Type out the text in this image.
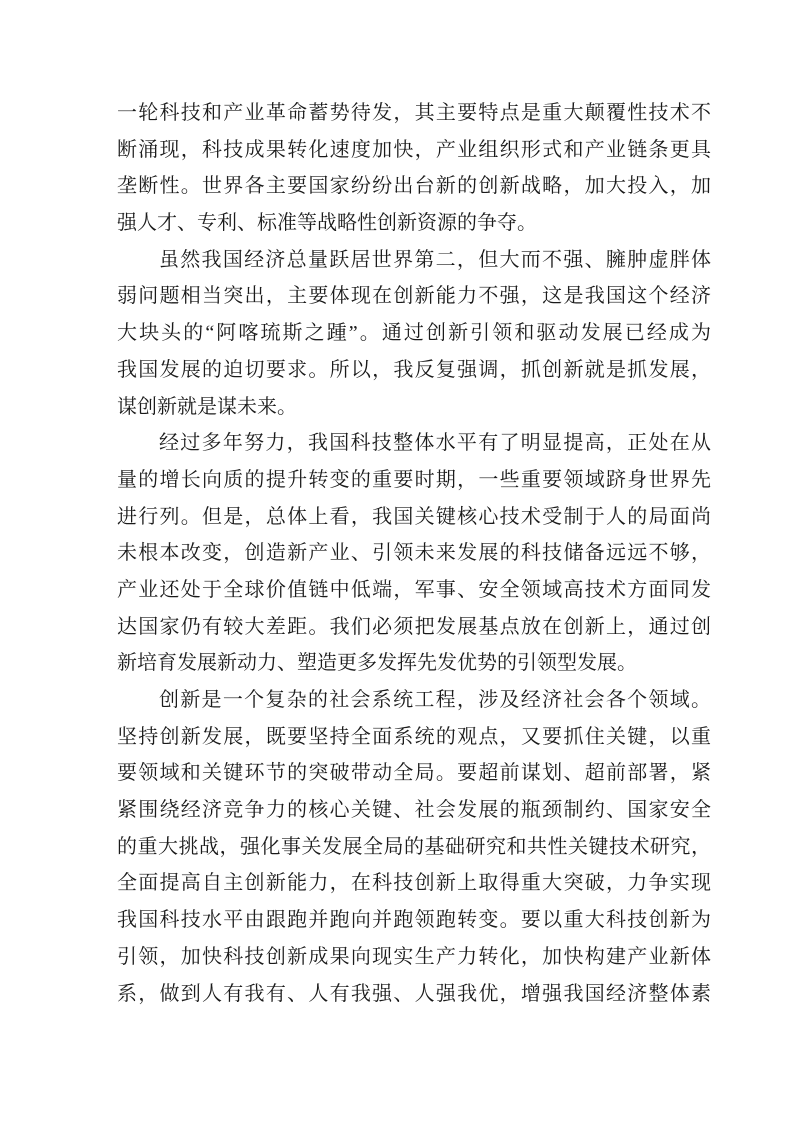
一轮科技和产业革命蓄势待发，其主要特点是重大颠覆性技术不
断涌现，科技成果转化速度加快，产业组织形式和产业链条更具
垄断性。世界各主要国家纷纷出台新的创新战略，加大投入，加
强人才、专利、标准等战略性创新资源的争夺。
虽然我国经济总量跃居世界第二，但大而不强、臃肿虚胖体
弱问题相当突出，主要体现在创新能力不强，这是我国这个经济
大块头的“阿喀琉斯之踵”。通过创新引领和驱动发展已经成为
我国发展的迫切要求。所以，我反复强调，抓创新就是抓发展，
谋创新就是谋未来。
经过多年努力，我国科技整体水平有了明显提高，正处在从
量的增长向质的提升转变的重要时期，一些重要领域跻身世界先
进行列。但是，总体上看，我国关键核心技术受制于人的局面尚
未根本改变，创造新产业、引领未来发展的科技储备远远不够，
产业还处于全球价值链中低端，军事、安全领域高技术方面同发
达国家仍有较大差距。我们必须把发展基点放在创新上，通过创
新培育发展新动力、塑造更多发挥先发优势的引领型发展。
创新是一个复杂的社会系统工程，涉及经济社会各个领域。
坚持创新发展，既要坚持全面系统的观点，又要抓住关键，以重
要领域和关键环节的突破带动全局。要超前谋划、超前部署，紧
紧围绕经济竞争力的核心关键、社会发展的瓶颈制约、国家安全
的重大挑战，强化事关发展全局的基础研究和共性关键技术研究，
全面提高自主创新能力，在科技创新上取得重大突破，力争实现
我国科技水平由跟跑并跑向并跑领跑转变。要以重大科技创新为
引领，加快科技创新成果向现实生产力转化，加快构建产业新体
系，做到人有我有、人有我强、人强我优，增强我国经济整体素
